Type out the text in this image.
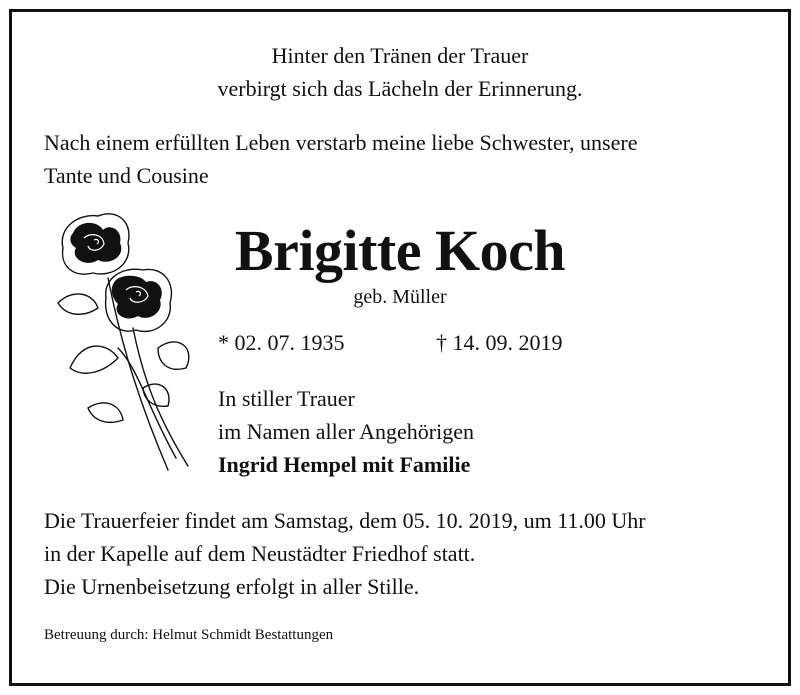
Hinter den Tränen der Trauer
verbirgt sich das Lächeln der Erinnerung.
Nach einem erfüllten Leben verstarb meine liebe Schwester, unsere
Tante und Cousine
Brigitte Koch
geb. Müller
* 02. 07. 1935	† 14. 09. 2019
In stiller Trauer
im Namen aller Angehörigen
Ingrid Hempel mit Familie
Die Trauerfeier findet am Samstag, dem 05. 10. 2019, um 11.00 Uhr
in der Kapelle auf dem Neustädter Friedhof statt.
Die Urnenbeisetzung erfolgt in aller Stille.
Betreuung durch: Helmut Schmidt Bestattungen
